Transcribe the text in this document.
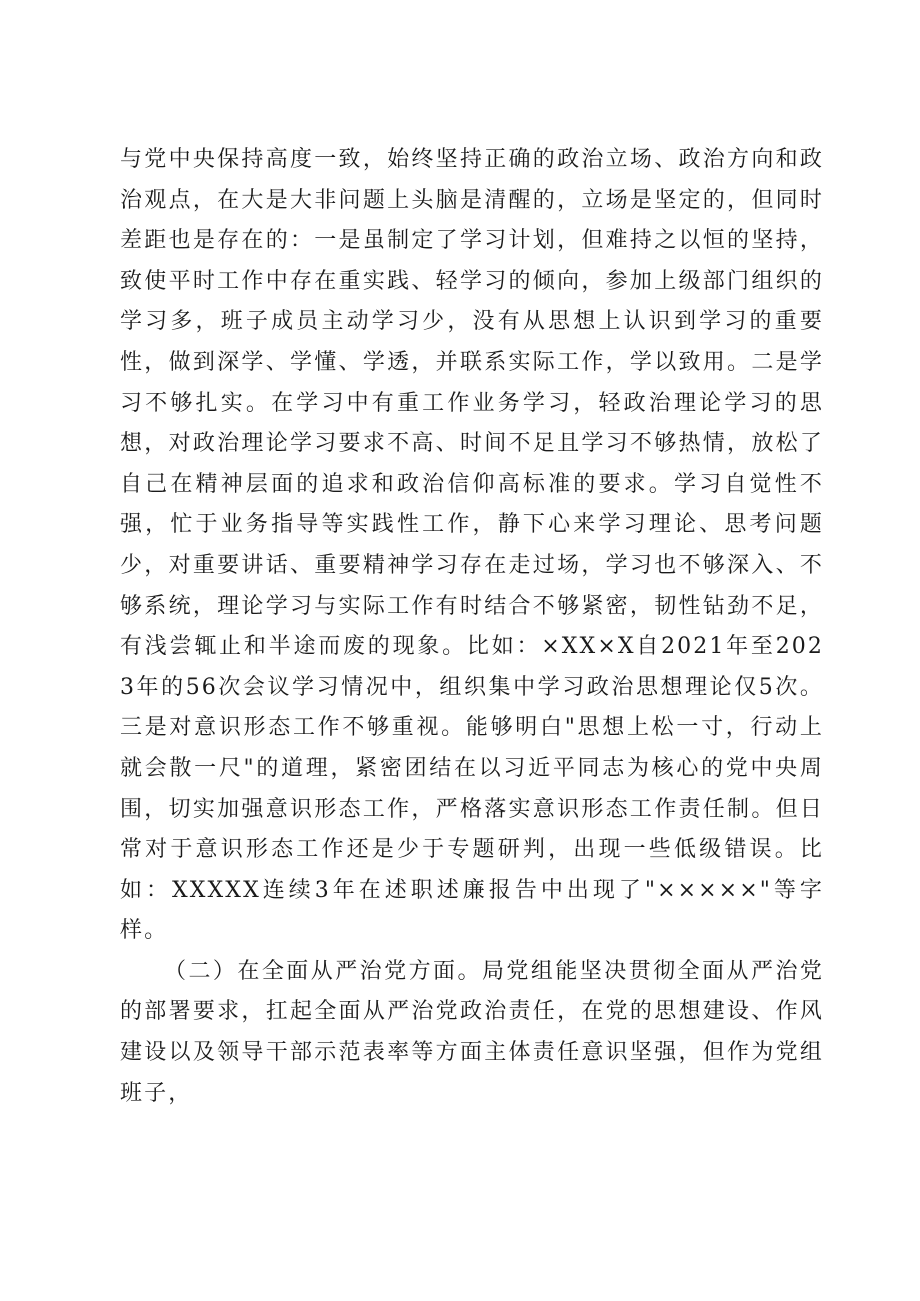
与党中央保持高度一致，始终坚持正确的政治立场、政治方向和政治观点，在大是大非问题上头脑是清醒的，立场是坚定的，但同时差距也是存在的：一是虽制定了学习计划，但难持之以恒的坚持，致使平时工作中存在重实践、轻学习的倾向，参加上级部门组织的学习多，班子成员主动学习少，没有从思想上认识到学习的重要性，做到深学、学懂、学透，并联系实际工作，学以致用。二是学习不够扎实。在学习中有重工作业务学习，轻政治理论学习的思想，对政治理论学习要求不高、时间不足且学习不够热情，放松了自己在精神层面的追求和政治信仰高标准的要求。学习自觉性不强，忙于业务指导等实践性工作，静下心来学习理论、思考问题少，对重要讲话、重要精神学习存在走过场，学习也不够深入、不够系统，理论学习与实际工作有时结合不够紧密，韧性钻劲不足，有浅尝辄止和半途而废的现象。比如：×XX×X自2021年至2023年的56次会议学习情况中，组织集中学习政治思想理论仅5次。三是对意识形态工作不够重视。能够明白"思想上松一寸，行动上就会散一尺"的道理，紧密团结在以习近平同志为核心的党中央周围，切实加强意识形态工作，严格落实意识形态工作责任制。但日常对于意识形态工作还是少于专题研判，出现一些低级错误。比如：XXXXX连续3年在述职述廉报告中出现了"×××××"等字样。

（二）在全面从严治党方面。局党组能坚决贯彻全面从严治党的部署要求，扛起全面从严治党政治责任，在党的思想建设、作风建设以及领导干部示范表率等方面主体责任意识坚强，但作为党组班子，
